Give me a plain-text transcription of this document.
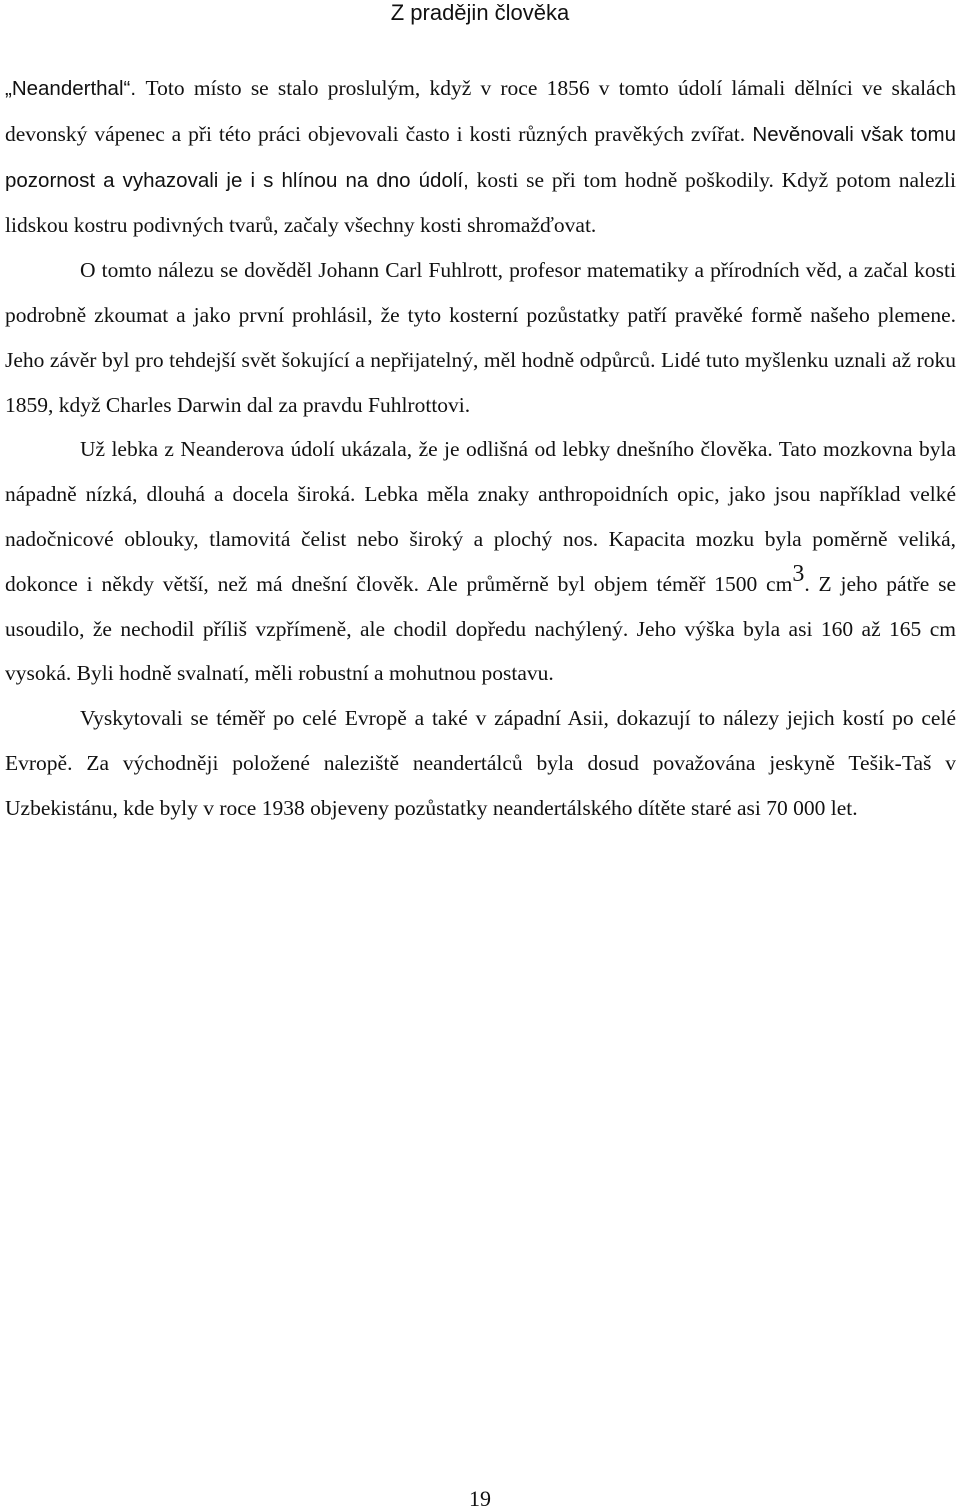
Z pradějin člověka

„Neanderthal“. Toto místo se stalo proslulým, když v roce 1856 v tomto údolí lámali dělníci ve skalách devonský vápenec a při této práci objevovali často i kosti různých pravěkých zvířat. Nevěnovali však tomu pozornost a vyhazovali je i s hlínou na dno údolí, kosti se při tom hodně poškodily. Když potom nalezli lidskou kostru podivných tvarů, začaly všechny kosti shromažďovat.

O tomto nálezu se dověděl Johann Carl Fuhlrott, profesor matematiky a přírodních věd, a začal kosti podrobně zkoumat a jako první prohlásil, že tyto kosterní pozůstatky patří pravěké formě našeho plemene. Jeho závěr byl pro tehdejší svět šokující a nepřijatelný, měl hodně odpůrců. Lidé tuto myšlenku uznali až roku 1859, když Charles Darwin dal za pravdu Fuhlrottovi.

Už lebka z Neanderova údolí ukázala, že je odlišná od lebky dnešního člověka. Tato mozkovna byla nápadně nízká, dlouhá a docela široká. Lebka měla znaky anthropoidních opic, jako jsou například velké nadočnicové oblouky, tlamovitá čelist nebo široký a plochý nos. Kapacita mozku byla poměrně veliká, dokonce i někdy větší, než má dnešní člověk. Ale průměrně byl objem téměř 1500 cm3. Z jeho pátře se usoudilo, že nechodil příliš vzpřímeně, ale chodil dopředu nachýlený. Jeho výška byla asi 160 až 165 cm vysoká. Byli hodně svalnatí, měli robustní a mohutnou postavu.

Vyskytovali se téměř po celé Evropě a také v západní Asii, dokazují to nálezy jejich kostí po celé Evropě. Za východněji položené naleziště neandertálců byla dosud považována jeskyně Tešik-Taš v Uzbekistánu, kde byly v roce 1938 objeveny pozůstatky neandertálského dítěte staré asi 70 000 let.

19
